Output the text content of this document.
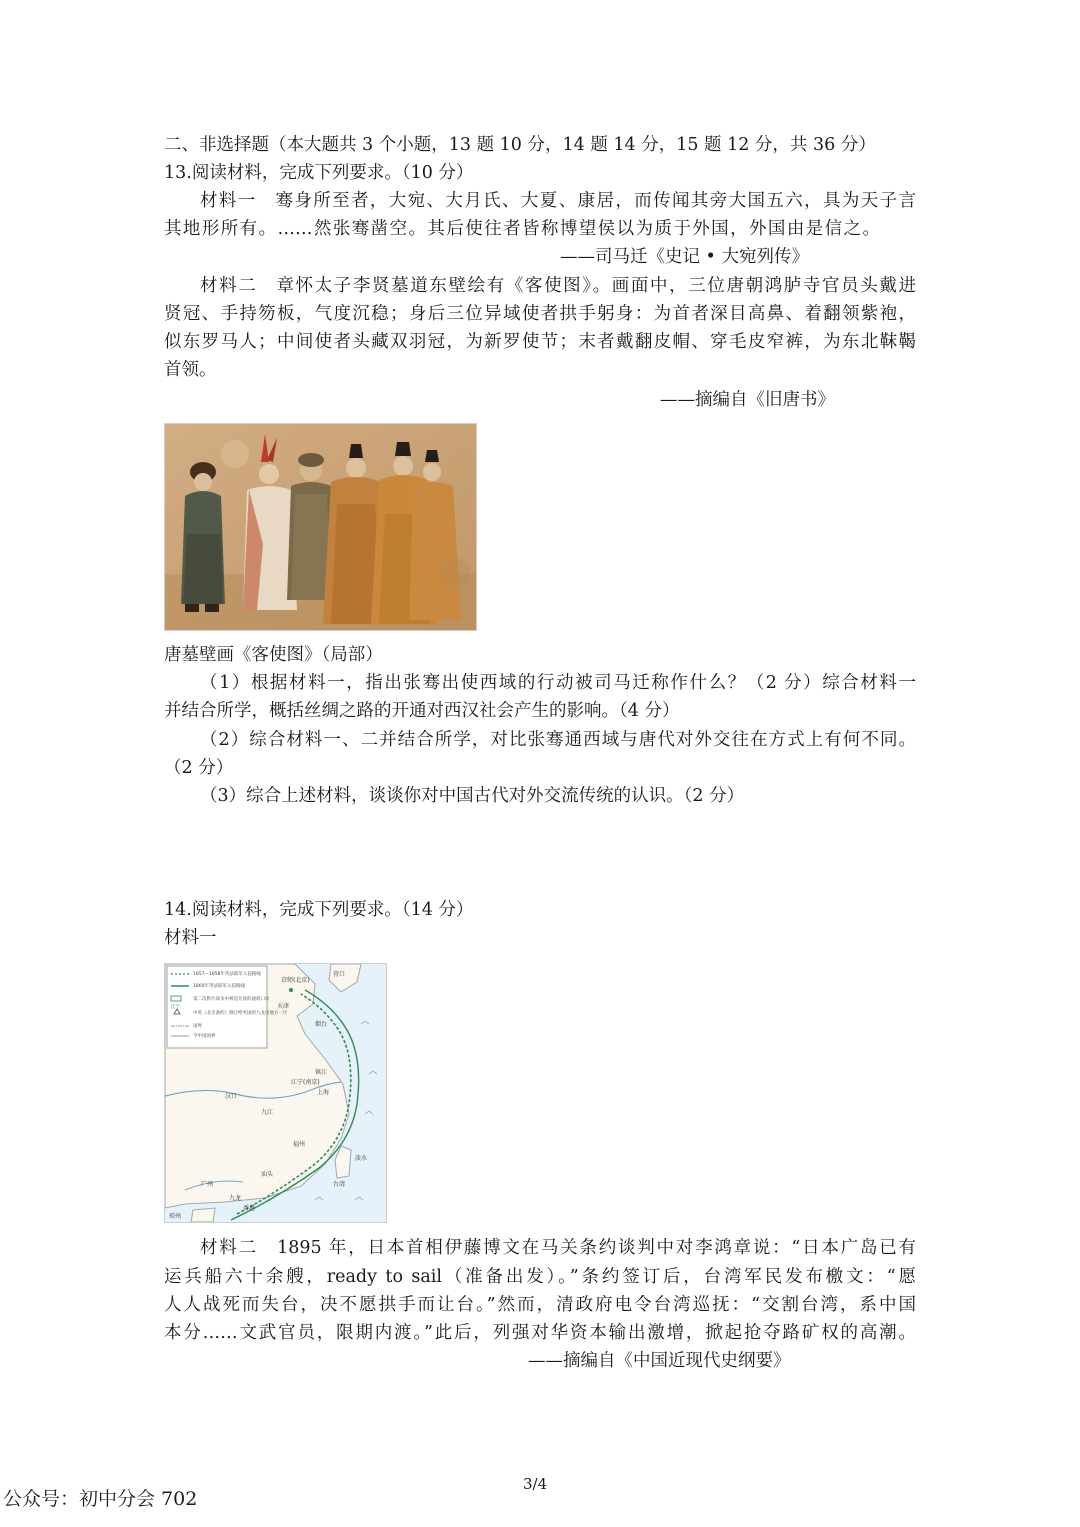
二、非选择题（本大题共 3 个小题，13 题 10 分，14 题 14 分，15 题 12 分，共 36 分）
13.阅读材料，完成下列要求。（10 分）
材料一　骞身所至者，大宛、大月氏、大夏、康居，而传闻其旁大国五六，具为天子言
其地形所有。……然张骞凿空。其后使往者皆称博望侯以为质于外国，外国由是信之。
——司马迁《史记 • 大宛列传》
材料二　章怀太子李贤墓道东壁绘有《客使图》。画面中，三位唐朝鸿胪寺官员头戴进
贤冠、手持笏板，气度沉稳；身后三位异域使者拱手躬身：为首者深目高鼻、着翻领紫袍，
似东罗马人；中间使者头藏双羽冠，为新罗使节；末者戴翻皮帽、穿毛皮窄裤，为东北靺鞨
首领。
——摘编自《旧唐书》
唐墓壁画《客使图》（局部）
（1）根据材料一，指出张骞出使西域的行动被司马迁称作什么？（2 分）综合材料一
并结合所学，概括丝绸之路的开通对西汉社会产生的影响。（4 分）
（2）综合材料一、二并结合所学，对比张骞通西域与唐代对外交往在方式上有何不同。
（2 分）
（3）综合上述材料，谈谈你对中国古代对外交流传统的认识。（2 分）
14.阅读材料，完成下列要求。（14 分）
材料一
1857—1858年英法联军入侵路线
1860年英法联军入侵路线
第二次鸦片战争中被迫开放的通商口岸
中英《北京条约》割让给英国的九龙司地方一区
国界
今中国国界
江宁
京师(北京)
营口
天津
烟台
镇江
江宁(南京)
上海
汉口
九江
福州
淡水
台湾
广州
汕头
九龙
琼州
香港
材料二　1895 年，日本首相伊藤博文在马关条约谈判中对李鸿章说：“日本广岛已有
运兵船六十余艘，ready to sail（准备出发）。”条约签订后，台湾军民发布檄文：“愿
人人战死而失台，决不愿拱手而让台。”然而，清政府电令台湾巡抚：“交割台湾，系中国
本分……文武官员，限期内渡。”此后，列强对华资本输出激增，掀起抢夺路矿权的高潮。
——摘编自《中国近现代史纲要》
3/4
公众号：初中分会 702
